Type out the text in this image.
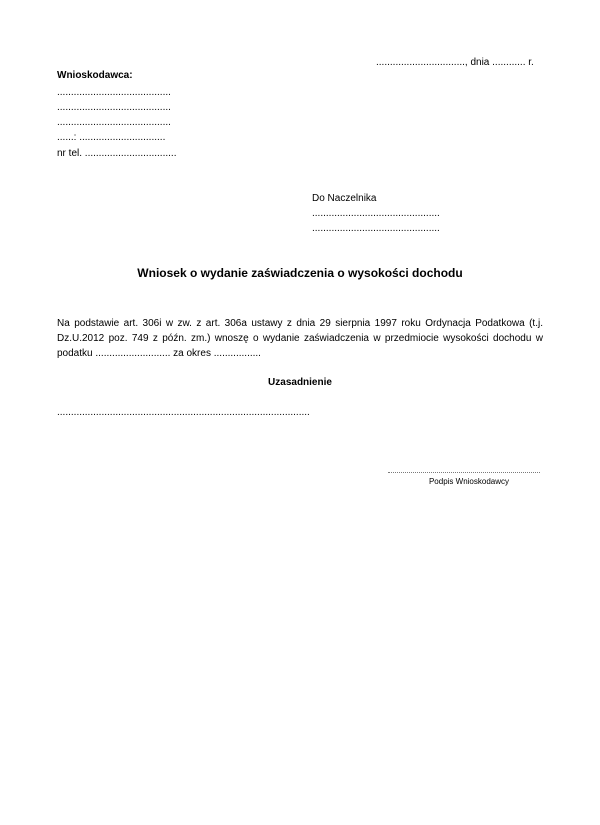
................................, dnia ............ r.
Wnioskodawca:
.........................................
.........................................
.........................................
......: ...............................
nr tel. .................................
Do Naczelnika
..............................................
..............................................
Wniosek o wydanie zaświadczenia o wysokości dochodu
Na podstawie art. 306i w zw. z art. 306a ustawy z dnia 29 sierpnia 1997 roku Ordynacja Podatkowa (t.j.
Dz.U.2012 poz. 749 z późn. zm.) wnoszę o wydanie zaświadczenia w przedmiocie wysokości dochodu w
podatku ........................... za okres .................
Uzasadnienie
...........................................................................................
Podpis Wnioskodawcy
